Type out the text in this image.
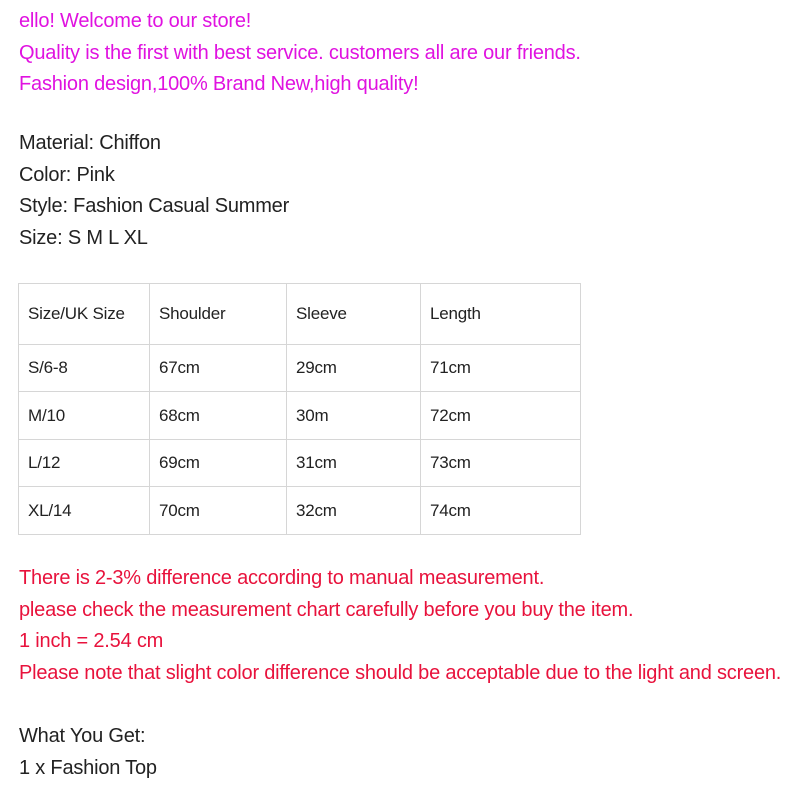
ello! Welcome to our store!
Quality is the first with best service. customers all are our friends.
Fashion design,100% Brand New,high quality!
Material: Chiffon
Color: Pink
Style: Fashion Casual Summer
Size: S M L XL
Size/UK Size	Shoulder	Sleeve	Length
S/6-8	67cm	29cm	71cm
M/10	68cm	30m	72cm
L/12	69cm	31cm	73cm
XL/14	70cm	32cm	74cm
There is 2-3% difference according to manual measurement.
please check the measurement chart carefully before you buy the item.
1 inch = 2.54 cm
Please note that slight color difference should be acceptable due to the light and screen.
What You Get:
1 x Fashion Top
